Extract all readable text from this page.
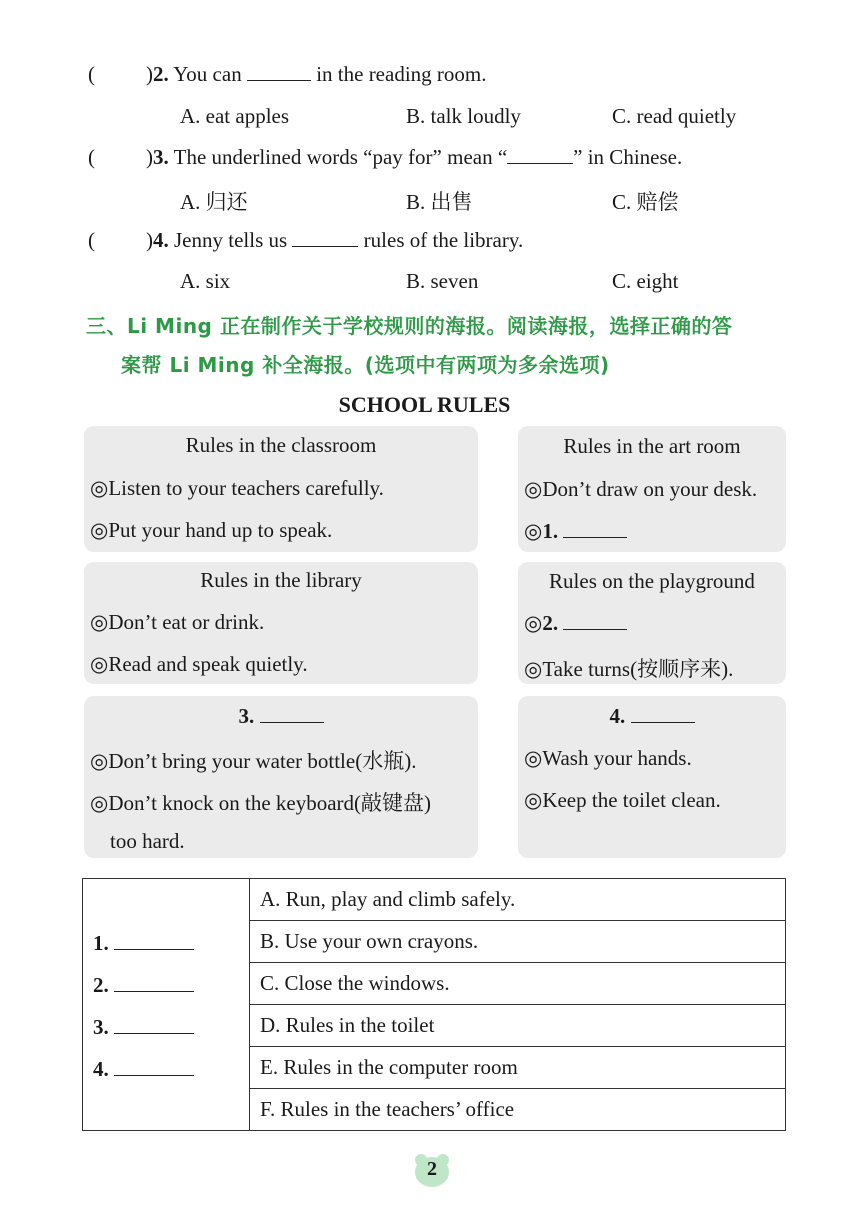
( )2. You can	in the reading room.
A. eat apples	B. talk loudly	C. read quietly
( )3. The underlined words “pay for” mean “	” in Chinese.
A. 归还	B. 出售	C. 赔偿
( )4. Jenny tells us	rules of the library.
A. six	B. seven	C. eight
三、Li Ming 正在制作关于学校规则的海报。阅读海报，选择正确的答
案帮 Li Ming 补全海报。(选项中有两项为多余选项)
SCHOOL RULES
Rules in the classroom
◎Listen to your teachers carefully.
◎Put your hand up to speak.
Rules in the art room
◎Don’t draw on your desk.
◎1.
Rules in the library
◎Don’t eat or drink.
◎Read and speak quietly.
Rules on the playground
◎2.
◎Take turns(按顺序来).
3.
◎Don’t bring your water bottle(水瓶).
◎Don’t knock on the keyboard(敲键盘)
too hard.
4.
◎Wash your hands.
◎Keep the toilet clean.
1.
2.
3.
4.
	A. Run, play and climb safely.
B. Use your own crayons.
C. Close the windows.
D. Rules in the toilet
E. Rules in the computer room
F. Rules in the teachers’ office
2
